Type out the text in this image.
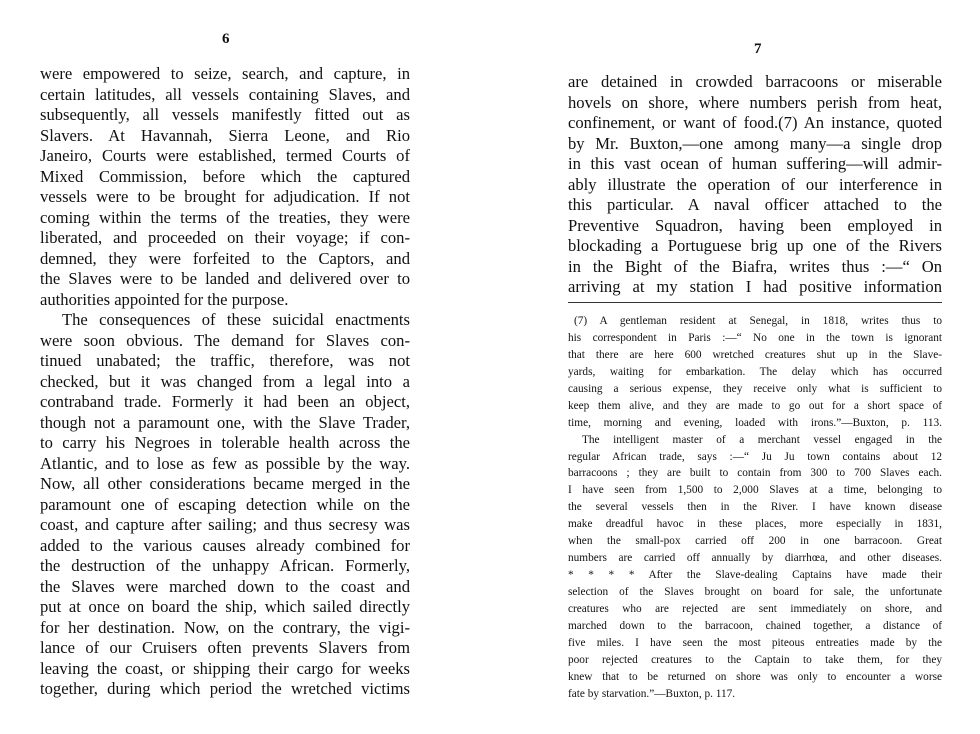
6
were empowered to seize, search, and capture, in
certain latitudes, all vessels containing Slaves, and
subsequently, all vessels manifestly fitted out as
Slavers. At Havannah, Sierra Leone, and Rio
Janeiro, Courts were established, termed Courts of
Mixed Commission, before which the captured
vessels were to be brought for adjudication. If not
coming within the terms of the treaties, they were
liberated, and proceeded on their voyage; if con-
demned, they were forfeited to the Captors, and
the Slaves were to be landed and delivered over to
authorities appointed for the purpose.
The consequences of these suicidal enactments
were soon obvious. The demand for Slaves con-
tinued unabated; the traffic, therefore, was not
checked, but it was changed from a legal into a
contraband trade. Formerly it had been an object,
though not a paramount one, with the Slave Trader,
to carry his Negroes in tolerable health across the
Atlantic, and to lose as few as possible by the way.
Now, all other considerations became merged in the
paramount one of escaping detection while on the
coast, and capture after sailing; and thus secresy was
added to the various causes already combined for
the destruction of the unhappy African. Formerly,
the Slaves were marched down to the coast and
put at once on board the ship, which sailed directly
for her destination. Now, on the contrary, the vigi-
lance of our Cruisers often prevents Slavers from
leaving the coast, or shipping their cargo for weeks
together, during which period the wretched victims
7
are detained in crowded barracoons or miserable
hovels on shore, where numbers perish from heat,
confinement, or want of food.(7) An instance, quoted
by Mr. Buxton,—one among many—a single drop
in this vast ocean of human suffering—will admir-
ably illustrate the operation of our interference in
this particular. A naval officer attached to the
Preventive Squadron, having been employed in
blockading a Portuguese brig up one of the Rivers
in the Bight of the Biafra, writes thus :—“ On
arriving at my station I had positive information
(7) A gentleman resident at Senegal, in 1818, writes thus to
his correspondent in Paris :—“ No one in the town is ignorant
that there are here 600 wretched creatures shut up in the Slave-
yards, waiting for embarkation. The delay which has occurred
causing a serious expense, they receive only what is sufficient to
keep them alive, and they are made to go out for a short space of
time, morning and evening, loaded with irons.”—Buxton, p. 113.
The intelligent master of a merchant vessel engaged in the
regular African trade, says :—“ Ju Ju town contains about 12
barracoons ; they are built to contain from 300 to 700 Slaves each.
I have seen from 1,500 to 2,000 Slaves at a time, belonging to
the several vessels then in the River. I have known disease
make dreadful havoc in these places, more especially in 1831,
when the small-pox carried off 200 in one barracoon. Great
numbers are carried off annually by diarrhœa, and other diseases.
* * * * After the Slave-dealing Captains have made their
selection of the Slaves brought on board for sale, the unfortunate
creatures who are rejected are sent immediately on shore, and
marched down to the barracoon, chained together, a distance of
five miles. I have seen the most piteous entreaties made by the
poor rejected creatures to the Captain to take them, for they
knew that to be returned on shore was only to encounter a worse
fate by starvation.”—Buxton, p. 117.
